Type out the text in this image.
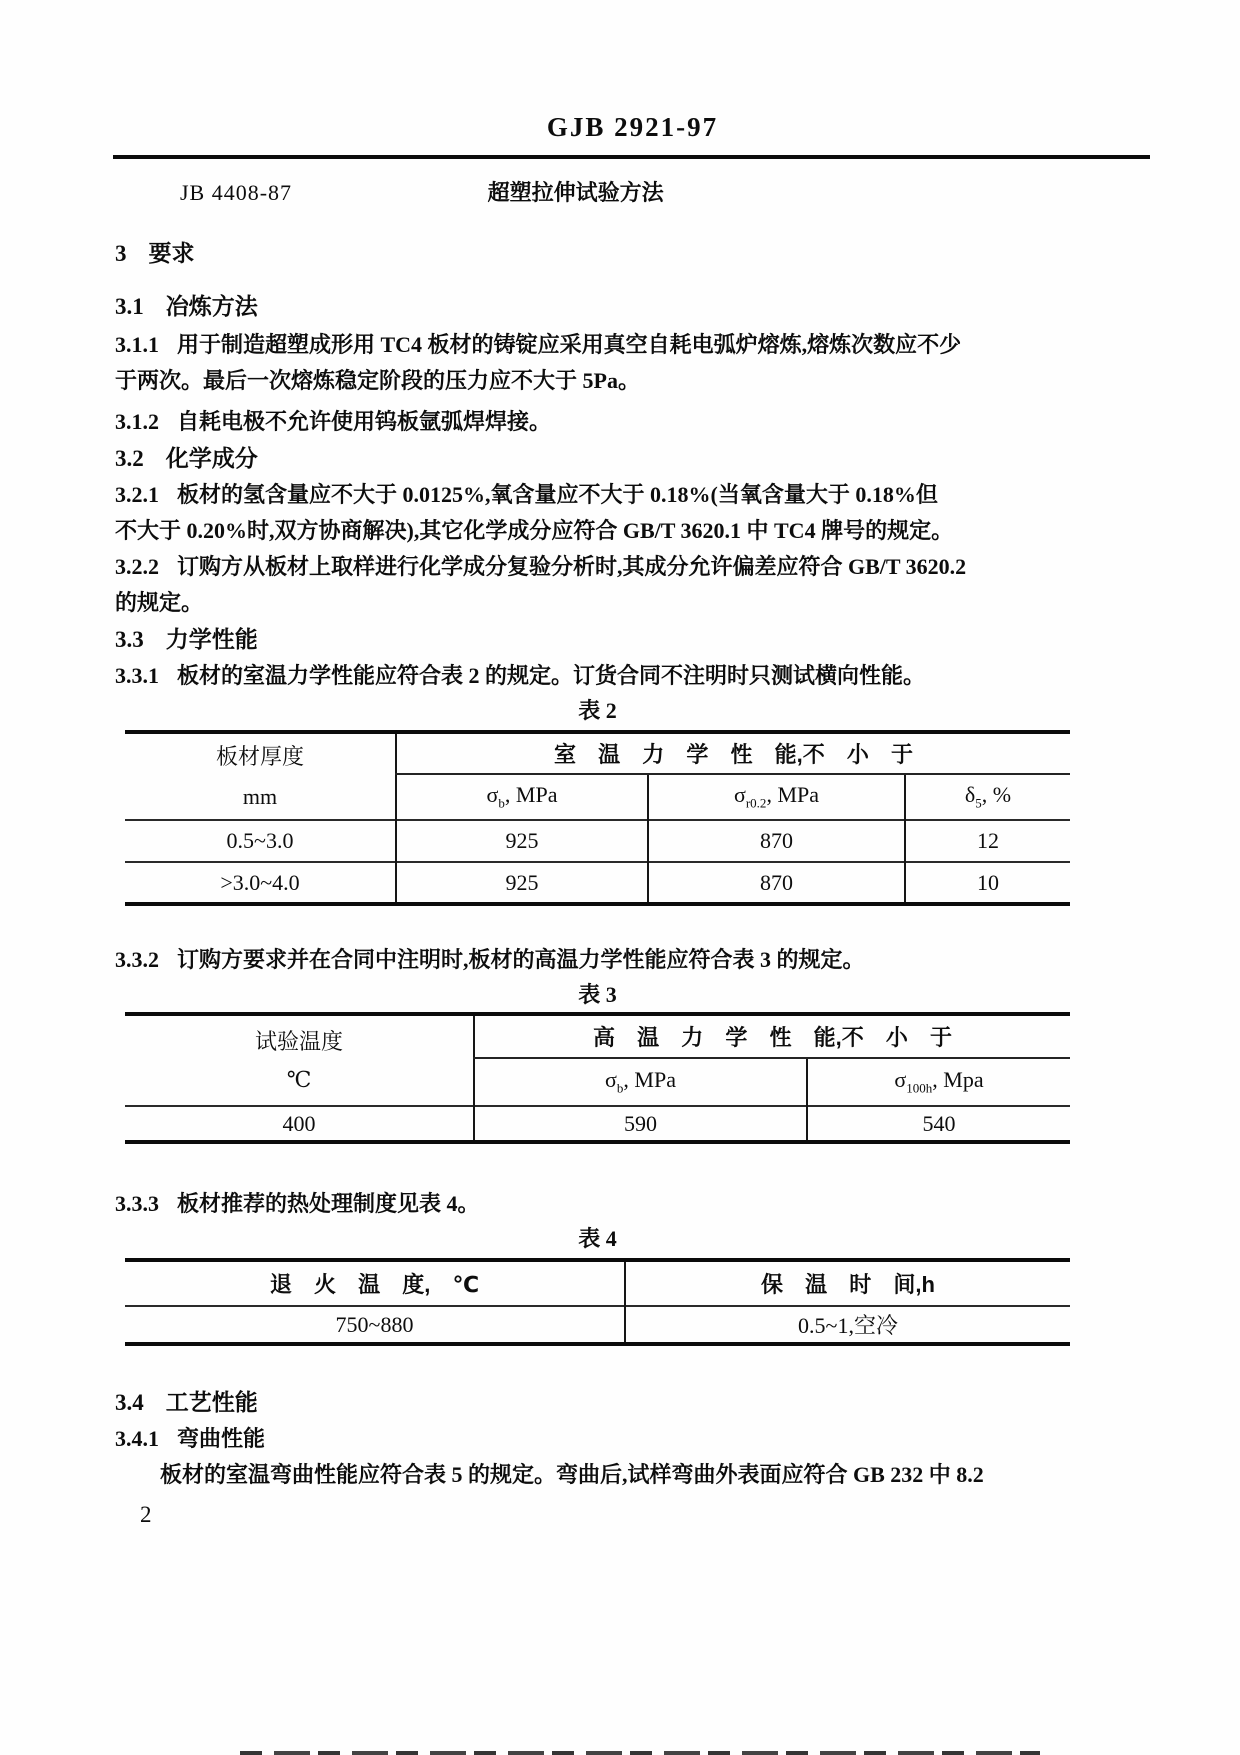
GJB 2921-97
JB 4408-87	超塑拉伸试验方法
3 要求
3.1 冶炼方法
3.1.1 用于制造超塑成形用 TC4 板材的铸锭应采用真空自耗电弧炉熔炼,熔炼次数应不少
于两次。最后一次熔炼稳定阶段的压力应不大于 5Pa。
3.1.2 自耗电极不允许使用钨板氩弧焊焊接。
3.2 化学成分
3.2.1 板材的氢含量应不大于 0.0125%,氧含量应不大于 0.18%(当氧含量大于 0.18%但
不大于 0.20%时,双方协商解决),其它化学成分应符合 GB/T 3620.1 中 TC4 牌号的规定。
3.2.2 订购方从板材上取样进行化学成分复验分析时,其成分允许偏差应符合 GB/T 3620.2
的规定。
3.3 力学性能
3.3.1 板材的室温力学性能应符合表 2 的规定。订货合同不注明时只测试横向性能。
表 2
板材厚度
mm	室 温 力 学 性 能,不 小 于		
	$\sigma_b$, MPa	$\sigma_{r0.2}$, MPa	$\delta_5$, %
0.5~3.0	925	870	12
>3.0~4.0	925	870	10
3.3.2 订购方要求并在合同中注明时,板材的高温力学性能应符合表 3 的规定。
表 3
试验温度
℃	高 温 力 学 性 能,不 小 于	
	$\sigma_b$, MPa	$\sigma_{100h}$, Mpa
400	590	540
3.3.3 板材推荐的热处理制度见表 4。
表 4
退 火 温 度, ℃	保 温 时 间,h
750~880	0.5~1,空冷
3.4 工艺性能
3.4.1 弯曲性能
板材的室温弯曲性能应符合表 5 的规定。弯曲后,试样弯曲外表面应符合 GB 232 中 8.2
2
